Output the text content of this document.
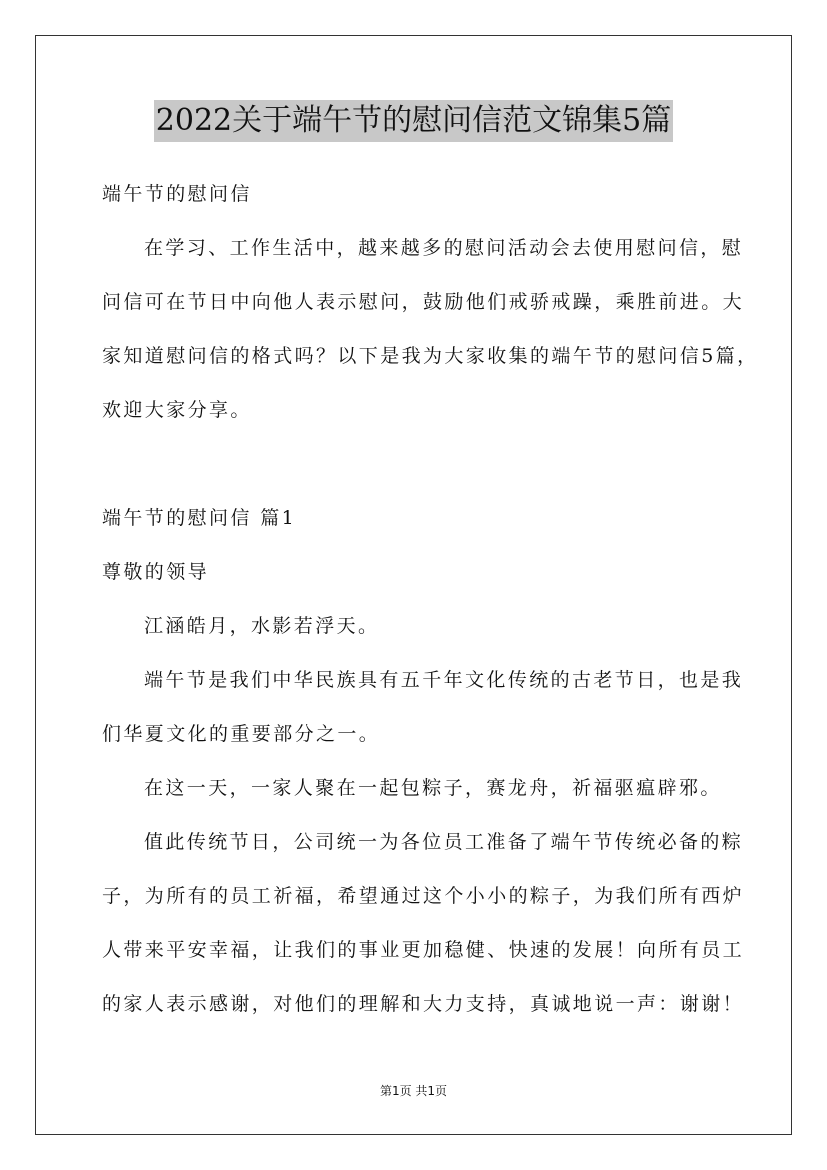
2022关于端午节的慰问信范文锦集5篇
端午节的慰问信
在学习、工作生活中，越来越多的慰问活动会去使用慰问信，慰
问信可在节日中向他人表示慰问，鼓励他们戒骄戒躁，乘胜前进。大
家知道慰问信的格式吗？以下是我为大家收集的端午节的慰问信5篇，
欢迎大家分享。
端午节的慰问信 篇1
尊敬的领导
江涵皓月，水影若浮天。
端午节是我们中华民族具有五千年文化传统的古老节日，也是我
们华夏文化的重要部分之一。
在这一天，一家人聚在一起包粽子，赛龙舟，祈福驱瘟辟邪。
值此传统节日，公司统一为各位员工准备了端午节传统必备的粽
子，为所有的员工祈福，希望通过这个小小的粽子，为我们所有西炉
人带来平安幸福，让我们的事业更加稳健、快速的发展！向所有员工
的家人表示感谢，对他们的理解和大力支持，真诚地说一声：谢谢！
第1页 共1页
